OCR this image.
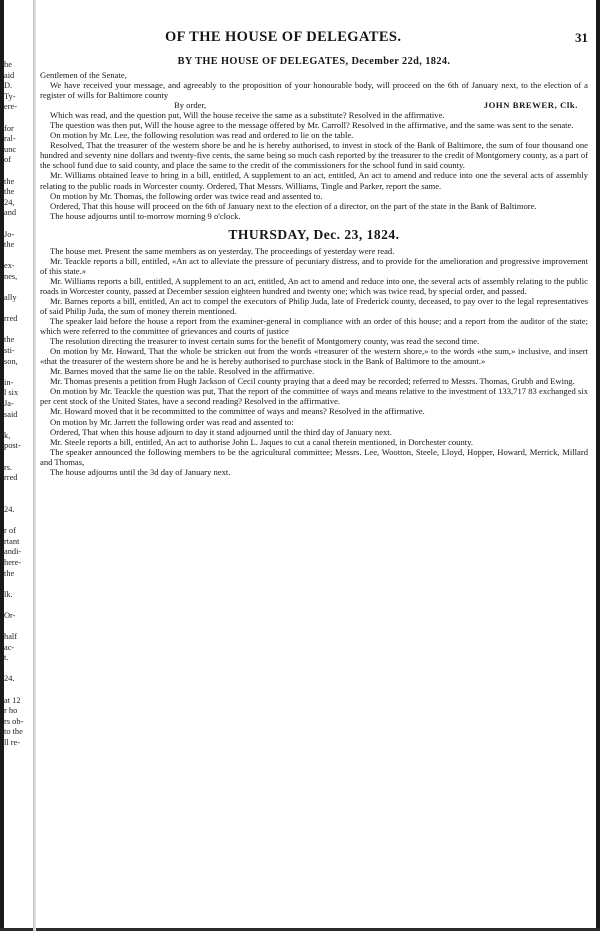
he
aid
D.
Ty-
ere-
for
ral-
unc
of
the
the
24,
and
Jo-
the
ex-
nes,
ally
rred
the
sti-
son,
in-
l six
Ja-
said
k,
post-
rs.
rred
24.
r of
rtant
andi-
here-
the
lk.
Or-
half
ac-
t.
24.
at 12
r ho
rs ob-
to the
ll re-
OF THE HOUSE OF DELEGATES.	31
BY THE HOUSE OF DELEGATES, December 22d, 1824.

Gentlemen of the Senate,

We have received your message, and agreeably to the proposition of your honourable body, will proceed on the 6th of January next, to the election of a register of wills for Baltimore county

By order,	JOHN BREWER, Clk.

Which was read, and the question put, Will the house receive the same as a substitute? Resolved in the affirmative.

The question was then put, Will the house agree to the message offered by Mr. Carroll? Resolved in the affirmative, and the same was sent to the senate.

On motion by Mr. Lee, the following resolution was read and ordered to lie on the table.

Resolved, That the treasurer of the western shore be and he is hereby authorised, to invest in stock of the Bank of Baltimore, the sum of four thousand one hundred and seventy nine dollars and twenty-five cents, the same being so much cash reported by the treasurer to the credit of Montgomery county, as a part of the school fund due to said county, and place the same to the credit of the commissioners for the school fund in said county.

Mr. Williams obtained leave to bring in a bill, entitled, A supplement to an act, entitled, An act to amend and reduce into one the several acts of assembly relating to the public roads in Worcester county. Ordered, That Messrs. Williams, Tingle and Parker, report the same.

On motion by Mr. Thomas, the following order was twice read and assented to.

Ordered, That this house will proceed on the 6th of January next to the election of a director, on the part of the state in the Bank of Baltimore.

The house adjourns until to-morrow morning 9 o'clock.

THURSDAY, Dec. 23, 1824.

The house met. Present the same members as on yesterday. The proceedings of yesterday were read.

Mr. Teackle reports a bill, entitled, «An act to alleviate the pressure of pecuniary distress, and to provide for the amelioration and progressive improvement of this state.»

Mr. Williams reports a bill, entitled, A supplement to an act, entitled, An act to amend and reduce into one, the several acts of assembly relating to the public roads in Worcester county, passed at December session eighteen hundred and twenty one; which was twice read, by special order, and passed.

Mr. Barnes reports a bill, entitled, An act to compel the executors of Philip Juda, late of Frederick county, deceased, to pay over to the legal representatives of said Philip Juda, the sum of money therein mentioned.

The speaker laid before the house a report from the examiner-general in compliance with an order of this house; and a report from the auditor of the state; which were referred to the committee of grievances and courts of justice

The resolution directing the treasurer to invest certain sums for the benefit of Montgomery county, was read the second time.

On motion by Mr. Howard, That the whole be stricken out from the words «treasurer of the western shore,» to the words «the sum,» inclusive, and insert «that the treasurer of the western shore be and he is hereby authorised to purchase stock in the Bank of Baltimore to the amount.»

Mr. Barnes moved that the same lie on the table. Resolved in the affirmative.

Mr. Thomas presents a petition from Hugh Jackson of Cecil county praying that a deed may be recorded; referred to Messrs. Thomas, Grubb and Ewing.

On motion by Mr. Teackle the question was put, That the report of the committee of ways and means relative to the investment of 133,717 83 exchanged six per cent stock of the United States, have a second reading? Resolved in the affirmative.

Mr. Howard moved that it be recommitted to the committee of ways and means? Resolved in the affirmative.

On motion by Mr. Jarrett the following order was read and assented to:

Ordered, That when this house adjourn to day it stand adjourned until the third day of January next.

Mr. Steele reports a bill, entitled, An act to authorise John L. Jaques to cut a canal therein mentioned, in Dorchester county.

The speaker announced the following members to be the agricultural committee; Messrs. Lee, Wootton, Steele, Lloyd, Hopper, Howard, Merrick, Millard and Thomas,

The house adjourns until the 3d day of January next.
